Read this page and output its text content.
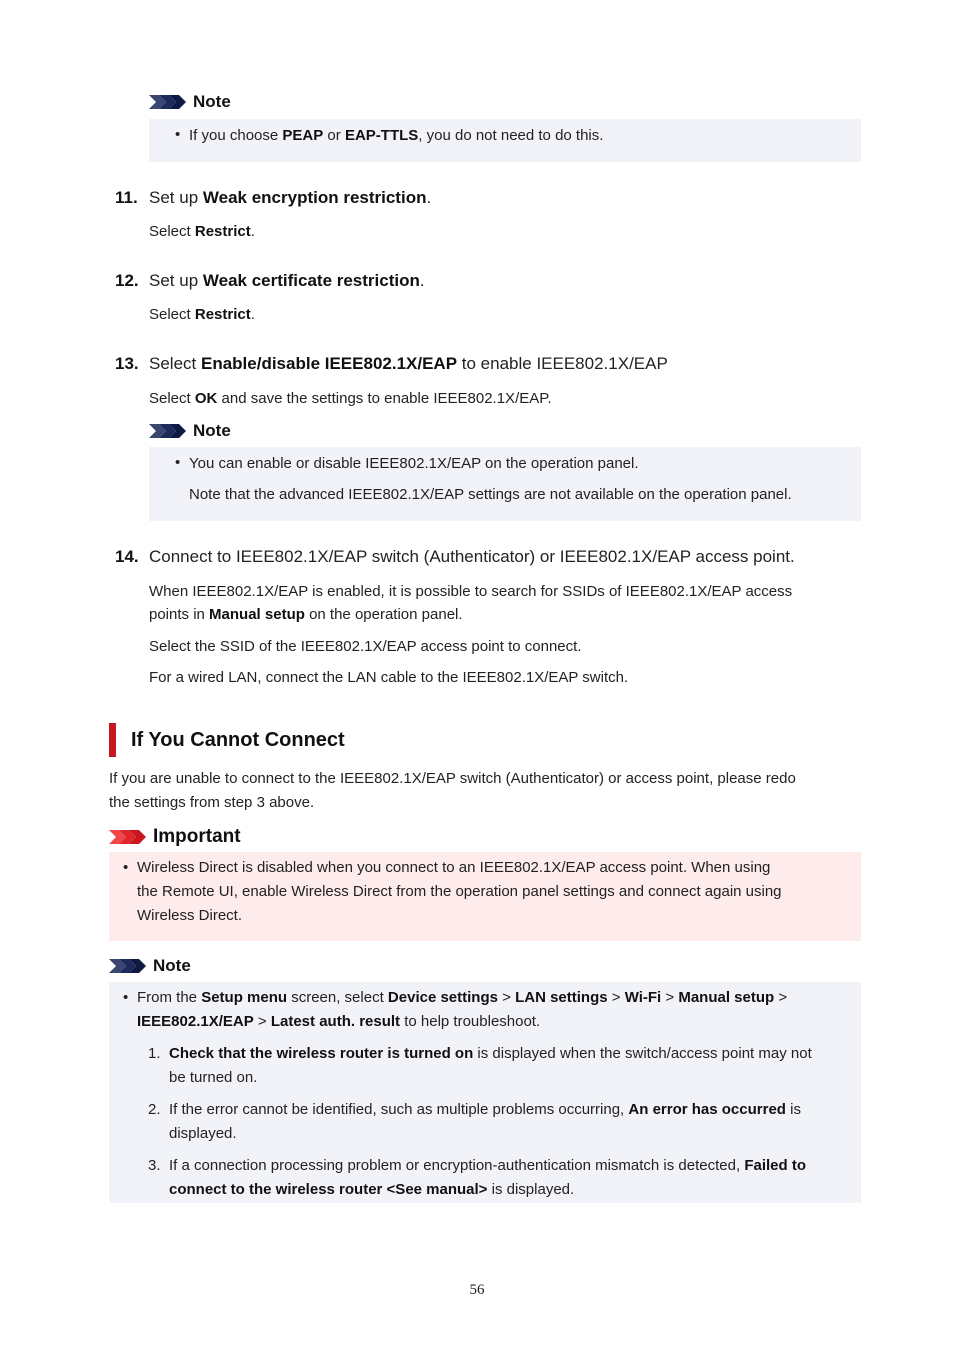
Note
• If you choose PEAP or EAP-TTLS, you do not need to do this.
11. Set up Weak encryption restriction.
Select Restrict.
12. Set up Weak certificate restriction.
Select Restrict.
13. Select Enable/disable IEEE802.1X/EAP to enable IEEE802.1X/EAP
Select OK and save the settings to enable IEEE802.1X/EAP.
Note
• You can enable or disable IEEE802.1X/EAP on the operation panel.
Note that the advanced IEEE802.1X/EAP settings are not available on the operation panel.
14. Connect to IEEE802.1X/EAP switch (Authenticator) or IEEE802.1X/EAP access point.
When IEEE802.1X/EAP is enabled, it is possible to search for SSIDs of IEEE802.1X/EAP access
points in Manual setup on the operation panel.
Select the SSID of the IEEE802.1X/EAP access point to connect.
For a wired LAN, connect the LAN cable to the IEEE802.1X/EAP switch.
If You Cannot Connect
If you are unable to connect to the IEEE802.1X/EAP switch (Authenticator) or access point, please redo
the settings from step 3 above.
Important
• Wireless Direct is disabled when you connect to an IEEE802.1X/EAP access point. When using
the Remote UI, enable Wireless Direct from the operation panel settings and connect again using
Wireless Direct.
Note
• From the Setup menu screen, select Device settings > LAN settings > Wi-Fi > Manual setup >
IEEE802.1X/EAP > Latest auth. result to help troubleshoot.
1. Check that the wireless router is turned on is displayed when the switch/access point may not
be turned on.
2. If the error cannot be identified, such as multiple problems occurring, An error has occurred is
displayed.
3. If a connection processing problem or encryption-authentication mismatch is detected, Failed to
connect to the wireless router <See manual> is displayed.
56
